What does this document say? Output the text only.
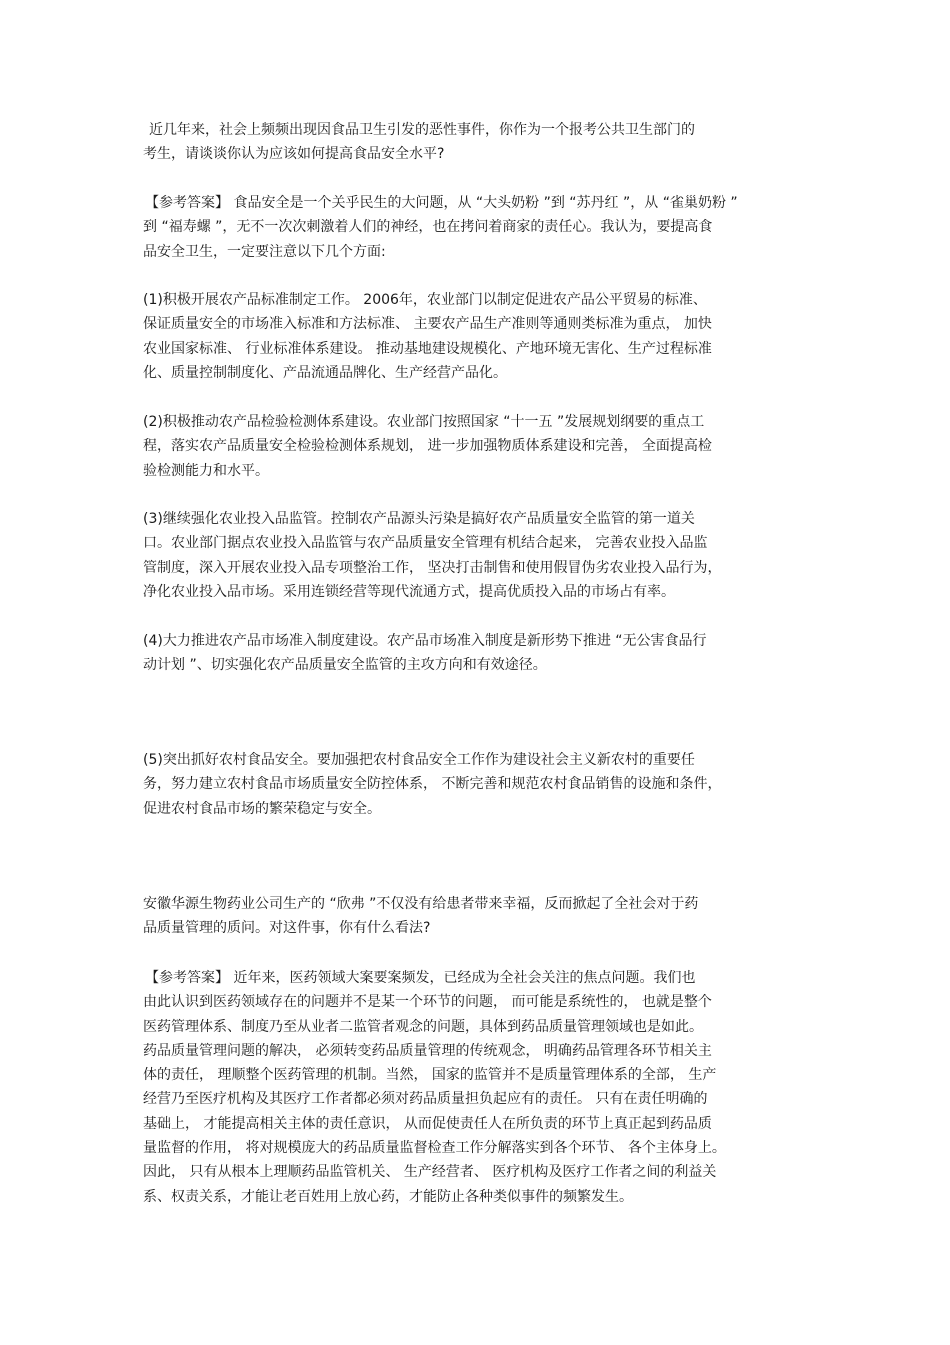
近几年来，社会上频频出现因食品卫生引发的恶性事件，你作为一个报考公共卫生部门的
考生，请谈谈你认为应该如何提高食品安全水平?
【参考答案】 食品安全是一个关乎民生的大问题，从 “大头奶粉 ”到 “苏丹红 ”，从 “雀巢奶粉 ”
到 “福寿螺 ”，无不一次次刺激着人们的神经，也在拷问着商家的责任心。我认为，要提高食
品安全卫生，一定要注意以下几个方面:
(1)积极开展农产品标准制定工作。 2006年，农业部门以制定促进农产品公平贸易的标准、
保证质量安全的市场准入标准和方法标准、 主要农产品生产准则等通则类标准为重点， 加快
农业国家标准、 行业标准体系建设。 推动基地建设规模化、产地环境无害化、生产过程标准
化、质量控制制度化、产品流通品牌化、生产经营产品化。
(2)积极推动农产品检验检测体系建设。农业部门按照国家 “十一五 ”发展规划纲要的重点工
程，落实农产品质量安全检验检测体系规划， 进一步加强物质体系建设和完善， 全面提高检
验检测能力和水平。
(3)继续强化农业投入品监管。控制农产品源头污染是搞好农产品质量安全监管的第一道关
口。农业部门据点农业投入品监管与农产品质量安全管理有机结合起来， 完善农业投入品监
管制度，深入开展农业投入品专项整治工作， 坚决打击制售和使用假冒伪劣农业投入品行为，
净化农业投入品市场。采用连锁经营等现代流通方式，提高优质投入品的市场占有率。
(4)大力推进农产品市场准入制度建设。农产品市场准入制度是新形势下推进 “无公害食品行
动计划 ”、切实强化农产品质量安全监管的主攻方向和有效途径。
(5)突出抓好农村食品安全。要加强把农村食品安全工作作为建设社会主义新农村的重要任
务，努力建立农村食品市场质量安全防控体系， 不断完善和规范农村食品销售的设施和条件，
促进农村食品市场的繁荣稳定与安全。
安徽华源生物药业公司生产的 “欣弗 ”不仅没有给患者带来幸福，反而掀起了全社会对于药
品质量管理的质问。对这件事，你有什么看法?
【参考答案】 近年来，医药领域大案要案频发，已经成为全社会关注的焦点问题。我们也
由此认识到医药领域存在的问题并不是某一个环节的问题， 而可能是系统性的， 也就是整个
医药管理体系、制度乃至从业者二监管者观念的问题，具体到药品质量管理领域也是如此。
药品质量管理问题的解决， 必须转变药品质量管理的传统观念， 明确药品管理各环节相关主
体的责任， 理顺整个医药管理的机制。当然， 国家的监管并不是质量管理体系的全部， 生产
经营乃至医疗机构及其医疗工作者都必须对药品质量担负起应有的责任。 只有在责任明确的
基础上， 才能提高相关主体的责任意识， 从而促使责任人在所负责的环节上真正起到药品质
量监督的作用， 将对规模庞大的药品质量监督检查工作分解落实到各个环节、 各个主体身上。
因此， 只有从根本上理顺药品监管机关、 生产经营者、 医疗机构及医疗工作者之间的利益关
系、权责关系，才能让老百姓用上放心药，才能防止各种类似事件的频繁发生。
